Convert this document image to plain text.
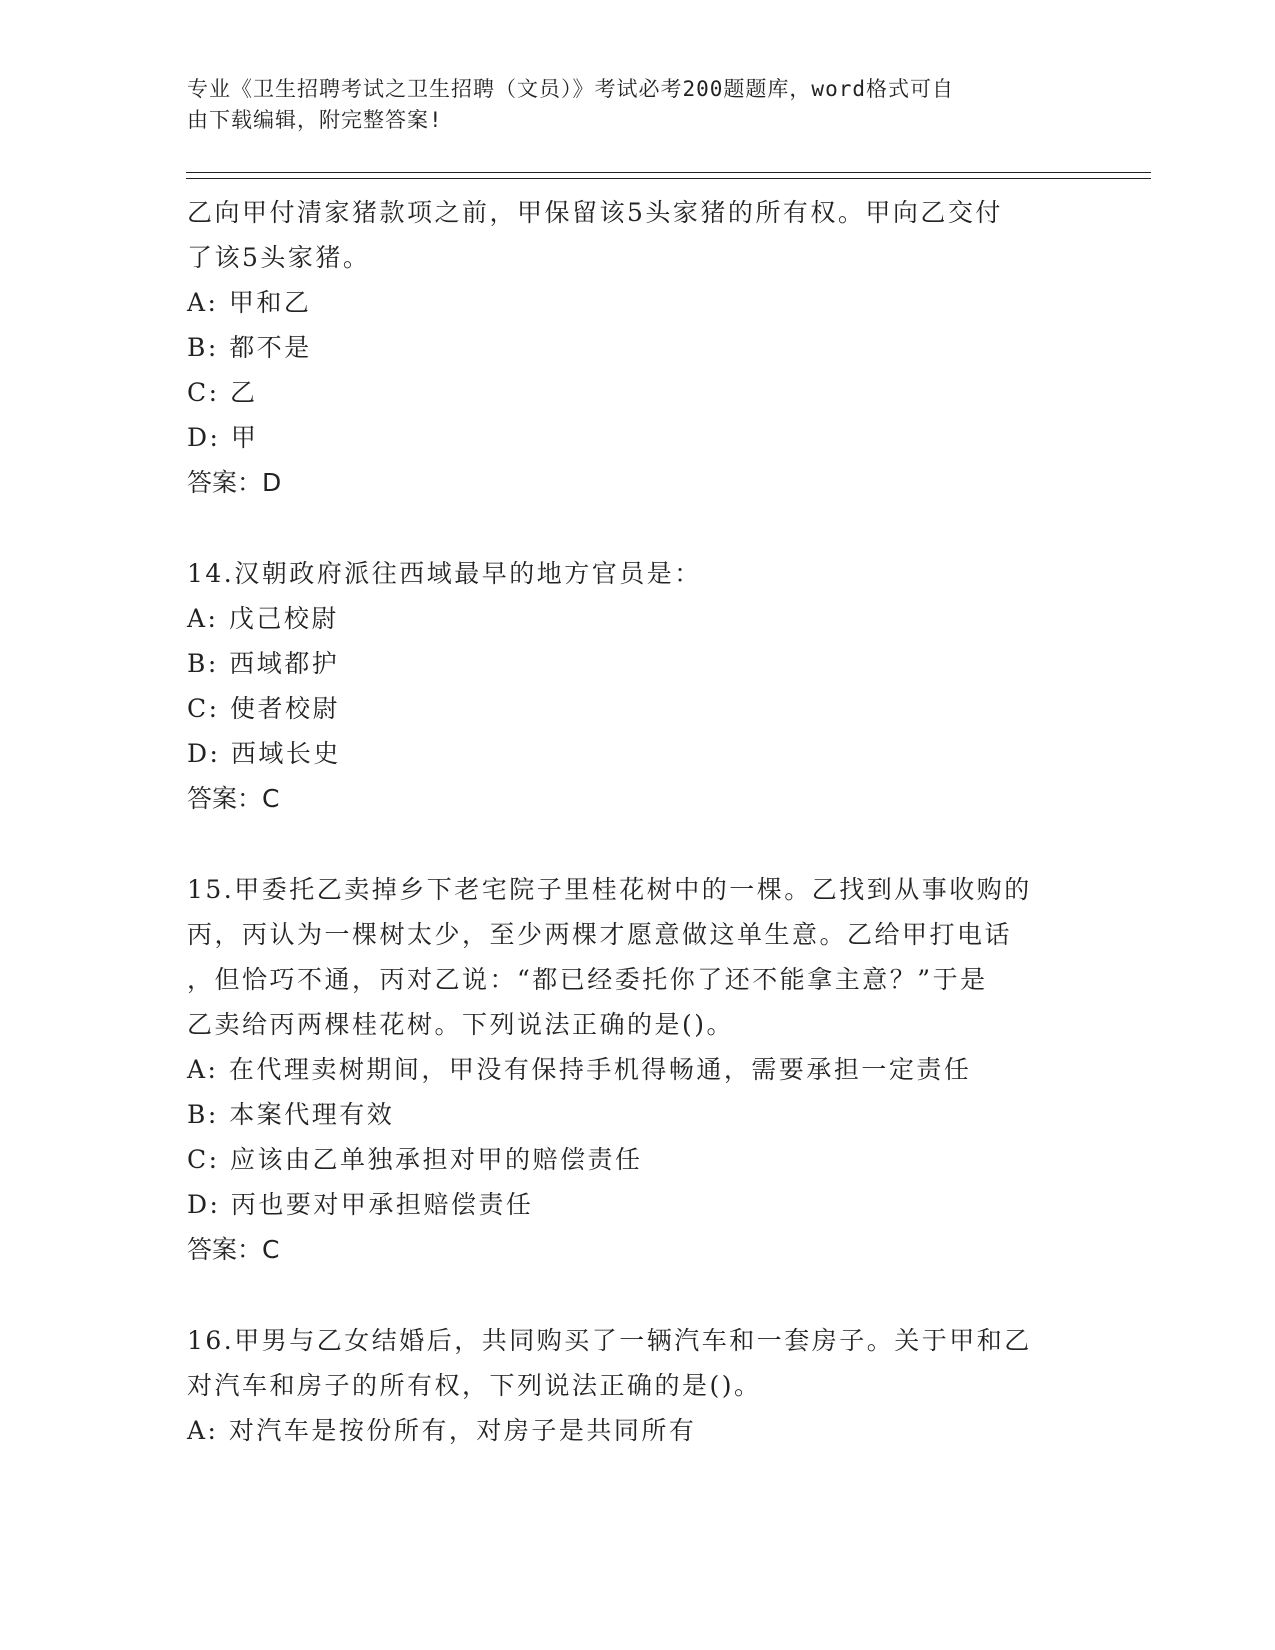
专业《卫生招聘考试之卫生招聘（文员）》考试必考200题题库，word格式可自
由下载编辑，附完整答案!
乙向甲付清家猪款项之前，甲保留该5头家猪的所有权。甲向乙交付
了该5头家猪。
A: 甲和乙
B: 都不是
C: 乙
D: 甲
答案：D
14.汉朝政府派往西域最早的地方官员是：
A: 戊己校尉
B: 西域都护
C: 使者校尉
D: 西域长史
答案：C
15.甲委托乙卖掉乡下老宅院子里桂花树中的一棵。乙找到从事收购的
丙，丙认为一棵树太少，至少两棵才愿意做这单生意。乙给甲打电话
，但恰巧不通，丙对乙说：“都已经委托你了还不能拿主意？”于是
乙卖给丙两棵桂花树。下列说法正确的是()。
A: 在代理卖树期间，甲没有保持手机得畅通，需要承担一定责任
B: 本案代理有效
C: 应该由乙单独承担对甲的赔偿责任
D: 丙也要对甲承担赔偿责任
答案：C
16.甲男与乙女结婚后，共同购买了一辆汽车和一套房子。关于甲和乙
对汽车和房子的所有权，下列说法正确的是()。
A: 对汽车是按份所有，对房子是共同所有
